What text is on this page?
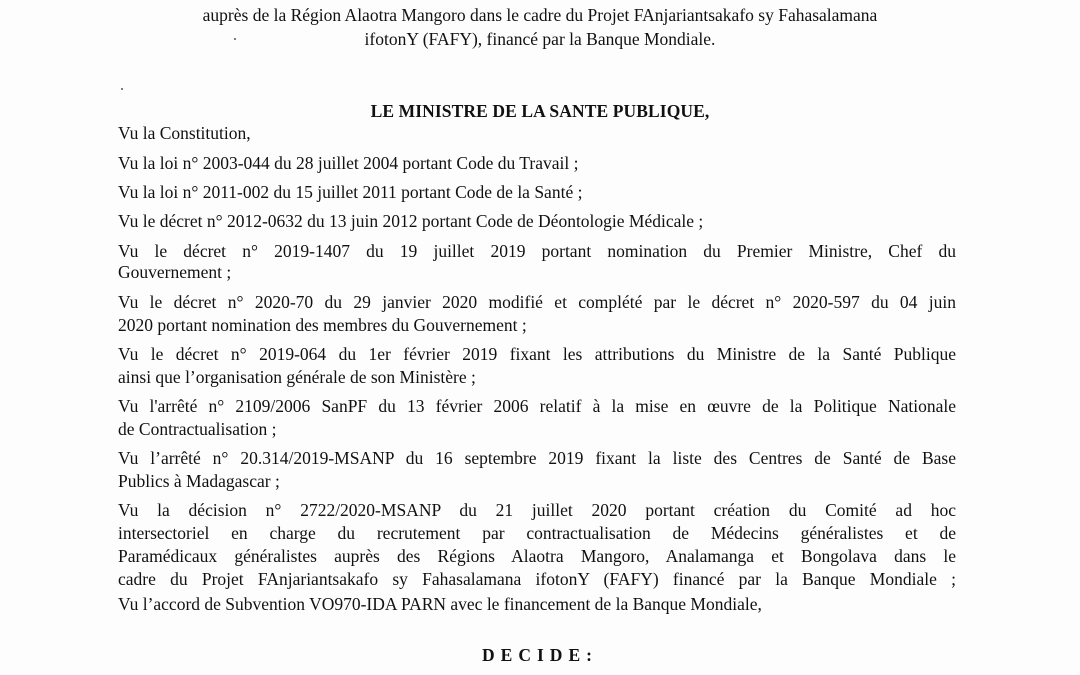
auprès de la Région Alaotra Mangoro dans le cadre du Projet FAnjariantsakafo sy Fahasalamana
ifotonY (FAFY), financé par la Banque Mondiale.
LE MINISTRE DE LA SANTE PUBLIQUE,
Vu la Constitution,
Vu la loi n° 2003-044 du 28 juillet 2004 portant Code du Travail ;
Vu la loi n° 2011-002 du 15 juillet 2011 portant Code de la Santé ;
Vu le décret n° 2012-0632 du 13 juin 2012 portant Code de Déontologie Médicale ;
Vu le décret n° 2019-1407 du 19 juillet 2019 portant nomination du Premier Ministre, Chef du
Gouvernement ;
Vu le décret n° 2020-70 du 29 janvier 2020 modifié et complété par le décret n° 2020-597 du 04 juin
2020 portant nomination des membres du Gouvernement ;
Vu le décret n° 2019-064 du 1er février 2019 fixant les attributions du Ministre de la Santé Publique
ainsi que l’organisation générale de son Ministère ;
Vu l'arrêté n° 2109/2006 SanPF du 13 février 2006 relatif à la mise en œuvre de la Politique Nationale
de Contractualisation ;
Vu l’arrêté n° 20.314/2019-MSANP du 16 septembre 2019 fixant la liste des Centres de Santé de Base
Publics à Madagascar ;
Vu la décision n° 2722/2020-MSANP du 21 juillet 2020 portant création du Comité ad hoc
intersectoriel en charge du recrutement par contractualisation de Médecins généralistes et de
Paramédicaux généralistes auprès des Régions Alaotra Mangoro, Analamanga et Bongolava dans le
cadre du Projet FAnjariantsakafo sy Fahasalamana ifotonY (FAFY) financé par la Banque Mondiale ;
Vu l’accord de Subvention VO970-IDA PARN avec le financement de la Banque Mondiale,
DECIDE:
